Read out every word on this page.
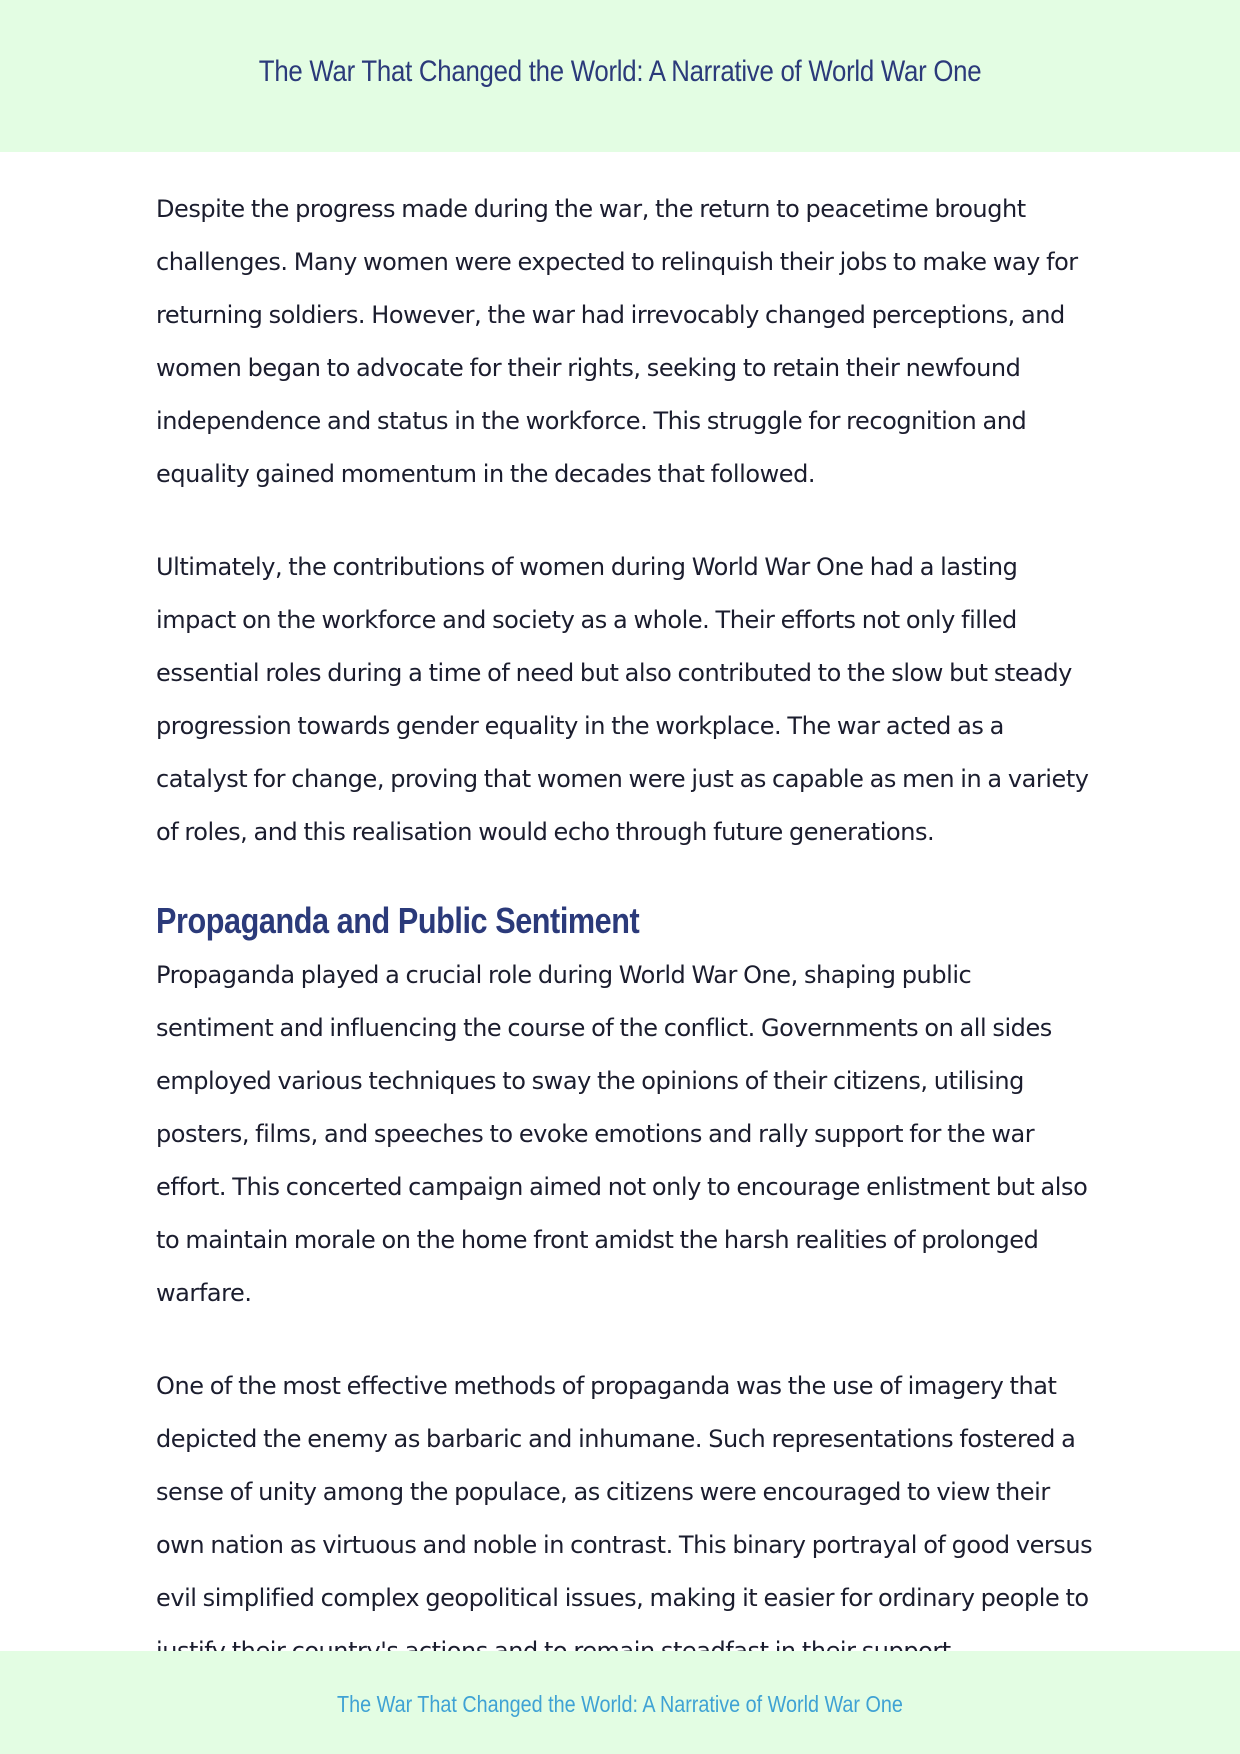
The War That Changed the World: A Narrative of World War One

Despite the progress made during the war, the return to peacetime brought challenges. Many women were expected to relinquish their jobs to make way for returning soldiers. However, the war had irrevocably changed perceptions, and women began to advocate for their rights, seeking to retain their newfound independence and status in the workforce. This struggle for recognition and equality gained momentum in the decades that followed.

Ultimately, the contributions of women during World War One had a lasting impact on the workforce and society as a whole. Their efforts not only filled essential roles during a time of need but also contributed to the slow but steady progression towards gender equality in the workplace. The war acted as a catalyst for change, proving that women were just as capable as men in a variety of roles, and this realisation would echo through future generations.

Propaganda and Public Sentiment

Propaganda played a crucial role during World War One, shaping public sentiment and influencing the course of the conflict. Governments on all sides employed various techniques to sway the opinions of their citizens, utilising posters, films, and speeches to evoke emotions and rally support for the war effort. This concerted campaign aimed not only to encourage enlistment but also to maintain morale on the home front amidst the harsh realities of prolonged warfare.

One of the most effective methods of propaganda was the use of imagery that depicted the enemy as barbaric and inhumane. Such representations fostered a sense of unity among the populace, as citizens were encouraged to view their own nation as virtuous and noble in contrast. This binary portrayal of good versus evil simplified complex geopolitical issues, making it easier for ordinary people to

The War That Changed the World: A Narrative of World War One
